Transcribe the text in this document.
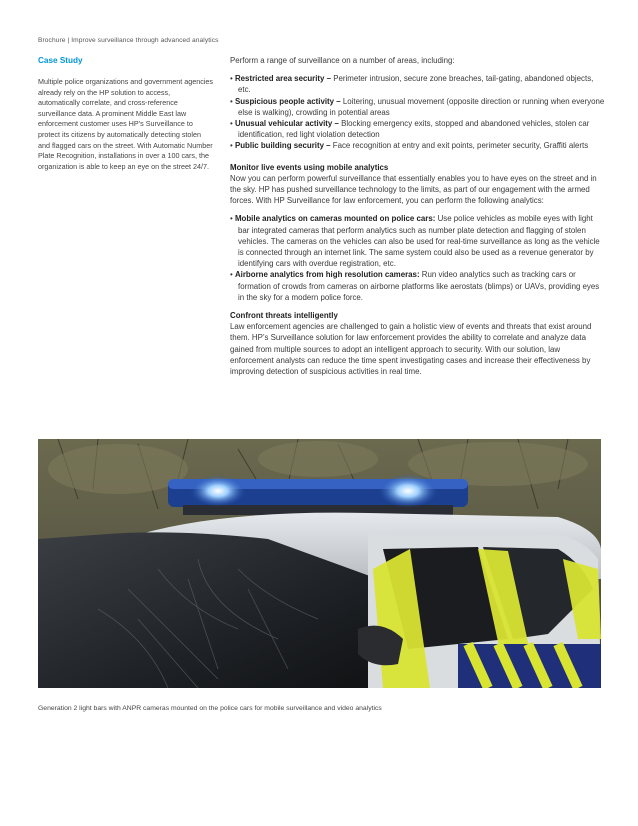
Brochure | Improve surveillance through advanced analytics

Case Study

Multiple police organizations and government agencies already rely on the HP solution to access, automatically correlate, and cross-reference surveillance data. A prominent Middle East law enforcement customer uses HP’s Surveillance to protect its citizens by automatically detecting stolen and flagged cars on the street. With Automatic Number Plate Recognition, installations in over a 100 cars, the organization is able to keep an eye on the street 24/7.

Perform a range of surveillance on a number of areas, including:

• Restricted area security – Perimeter intrusion, secure zone breaches, tail-gating, abandoned objects, etc.

• Suspicious people activity – Loitering, unusual movement (opposite direction or running when everyone else is walking), crowding in potential areas

• Unusual vehicular activity – Blocking emergency exits, stopped and abandoned vehicles, stolen car identification, red light violation detection

• Public building security – Face recognition at entry and exit points, perimeter security, Graffiti alerts

Monitor live events using mobile analytics

Now you can perform powerful surveillance that essentially enables you to have eyes on the street and in the sky. HP has pushed surveillance technology to the limits, as part of our engagement with the armed forces. With HP Surveillance for law enforcement, you can perform the following analytics:

• Mobile analytics on cameras mounted on police cars: Use police vehicles as mobile eyes with light bar integrated cameras that perform analytics such as number plate detection and flagging of stolen vehicles. The cameras on the vehicles can also be used for real-time surveillance as long as the vehicle is connected through an internet link. The same system could also be used as a revenue generator by identifying cars with overdue registration, etc.

• Airborne analytics from high resolution cameras: Run video analytics such as tracking cars or formation of crowds from cameras on airborne platforms like aerostats (blimps) or UAVs, providing eyes in the sky for a modern police force.

Confront threats intelligently

Law enforcement agencies are challenged to gain a holistic view of events and threats that exist around them. HP’s Surveillance solution for law enforcement provides the ability to correlate and analyze data gained from multiple sources to adopt an intelligent approach to security. With our solution, law enforcement analysts can reduce the time spent investigating cases and increase their effectiveness by improving detection of suspicious activities in real time.

Generation 2 light bars with ANPR cameras mounted on the police cars for mobile surveillance and video analytics
